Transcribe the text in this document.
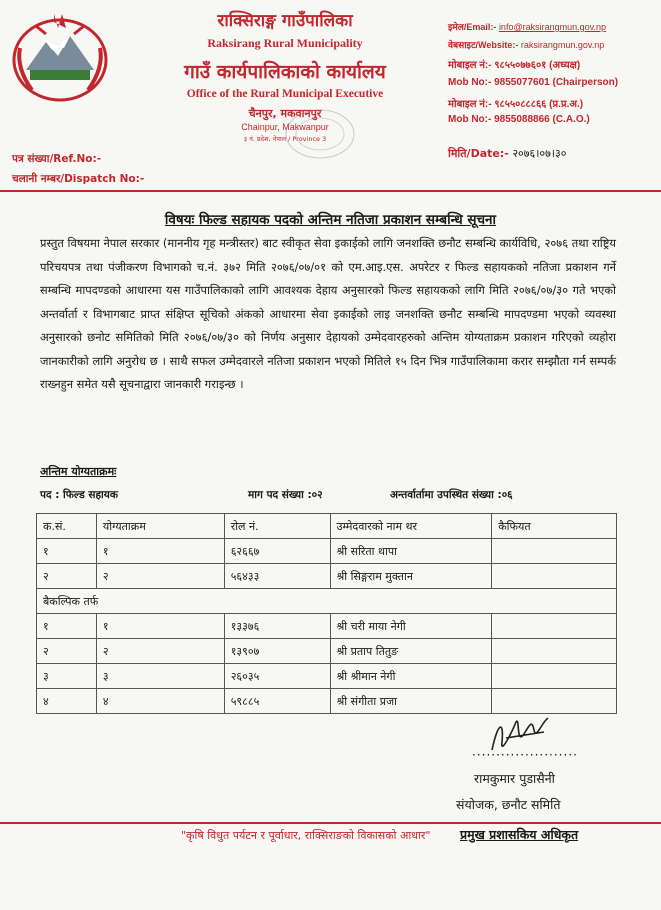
राक्सिराङ्ग गाउँपालिका
Raksirang Rural Municipality
गाउँ कार्यपालिकाको कार्यालय
Office of the Rural Municipal Executive
चैनपुर, मकवानपुर
Chainpur, Makwanpur
३ नं. प्रदेश, नेपाल / Province 3
इमेल/Email:- info@raksirangmun.gov.np
वेबसाइट/Website:- raksirangmun.gov.np
मोबाइल नं:- ९८५५०७७६०१ (अध्यक्ष)
Mob No:- 9855077601 (Chairperson)
मोबाइल नं:- ९८५५०८८८६६ (प्र.प्र.अ.)
Mob No:- 9855088866 (C.A.O.)
पत्र संख्या/Ref.No:-
चलानी नम्बर/Dispatch No:-
मिति/Date:- २०७६।०७।३०
विषयः फिल्ड सहायक पदको अन्तिम नतिजा प्रकाशन सम्बन्धि सूचना
प्रस्तुत विषयमा नेपाल सरकार (माननीय गृह मन्त्रीस्तर) बाट स्वीकृत सेवा इकाईको लागि जनशक्ति छनौट सम्बन्धि कार्यविधि, २०७६ तथा राष्ट्रिय परिचयपत्र तथा पंजीकरण विभागको च.नं. ३७२ मिति २०७६/०७/०१ को एम.आइ.एस. अपरेटर र फिल्ड सहायकको नतिजा प्रकाशन गर्ने सम्बन्धि मापदण्डको आधारमा यस गाउँपालिकाको लागि आवश्यक देहाय अनुसारको फिल्ड सहायकको लागि मिति २०७६/०७/३० गते भएको अन्तर्वार्ता र विभागबाट प्राप्त संक्षिप्त सूचिको अंकको आधारमा सेवा इकाईको लाइ जनशक्ति छनौट सम्बन्धि मापदण्डमा भएको व्यवस्था अनुसारको छनोट समितिको मिति २०७६/०७/३० को निर्णय अनुसार देहायको उम्मेदवारहरुको अन्तिम योग्यताक्रम प्रकाशन गरिएको व्यहोरा जानकारीको लागि अनुरोध छ । साथै सफल उम्मेदवारले नतिजा प्रकाशन भएको मितिले १५ दिन भित्र गाउँपालिकामा करार सम्झौता गर्न सम्पर्क राख्नहुन समेत यसै सूचनाद्वारा जानकारी गराइन्छ ।
अन्तिम योग्यताक्रमः
पद : फिल्ड सहायक	माग पद संख्या :०२	अन्तर्वार्तामा उपस्थित संख्या :०६
क.सं.	योग्यताक्रम	रोल नं.	उम्मेदवारको नाम थर	कैफियत
१	१	६२६६७	श्री सरिता थापा	
२	२	५६४३३	श्री सिङ्गराम मुक्तान	
बैकल्पिक तर्फ				
१	१	१३३७६	श्री चरी माया नेगी	
२	२	१३९०७	श्री प्रताप तितुङ	
३	३	२६०३५	श्री श्रीमान नेगी	
४	४	५९८८५	श्री संगीता प्रजा	
······················
रामकुमार पुडासैनी
संयोजक, छनौट समिति
"कृषि विधुत पर्यटन र पूर्वाधार, राक्सिराङको विकासको आधार" प्रमुख प्रशासकिय अधिकृत
